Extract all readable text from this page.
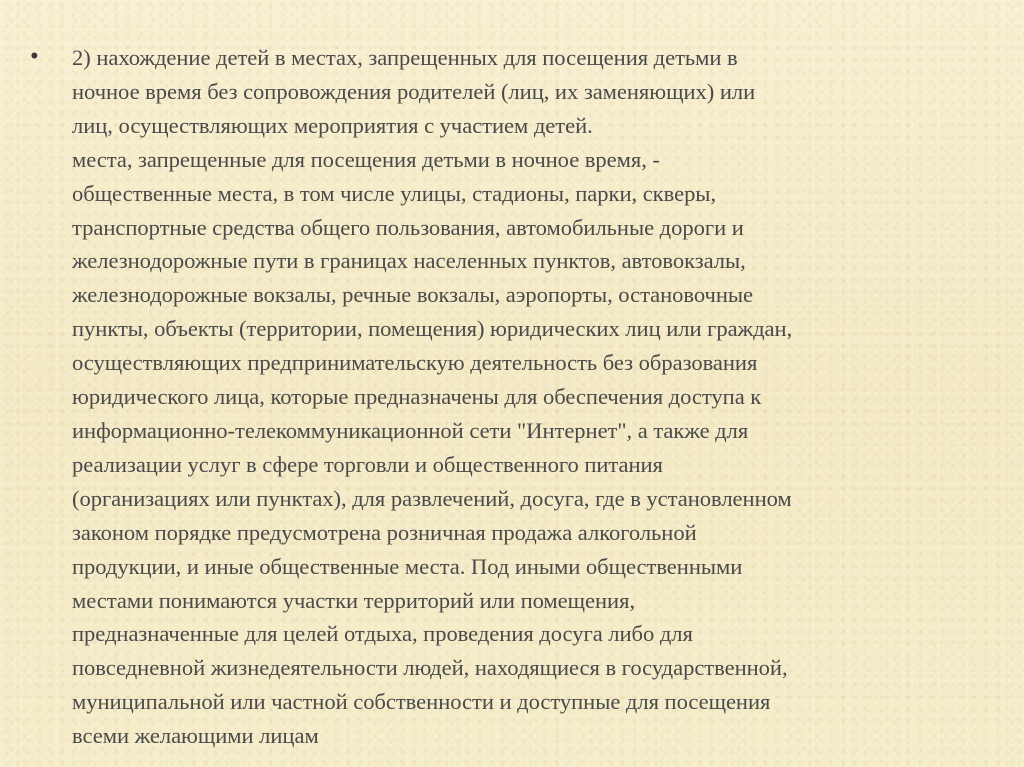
• 2) нахождение детей в местах, запрещенных для посещения детьми в
ночное время без сопровождения родителей (лиц, их заменяющих) или
лиц, осуществляющих мероприятия с участием детей.
места, запрещенные для посещения детьми в ночное время, -
общественные места, в том числе улицы, стадионы, парки, скверы,
транспортные средства общего пользования, автомобильные дороги и
железнодорожные пути в границах населенных пунктов, автовокзалы,
железнодорожные вокзалы, речные вокзалы, аэропорты, остановочные
пункты, объекты (территории, помещения) юридических лиц или граждан,
осуществляющих предпринимательскую деятельность без образования
юридического лица, которые предназначены для обеспечения доступа к
информационно-телекоммуникационной сети "Интернет", а также для
реализации услуг в сфере торговли и общественного питания
(организациях или пунктах), для развлечений, досуга, где в установленном
законом порядке предусмотрена розничная продажа алкогольной
продукции, и иные общественные места. Под иными общественными
местами понимаются участки территорий или помещения,
предназначенные для целей отдыха, проведения досуга либо для
повседневной жизнедеятельности людей, находящиеся в государственной,
муниципальной или частной собственности и доступные для посещения
всеми желающими лицам
